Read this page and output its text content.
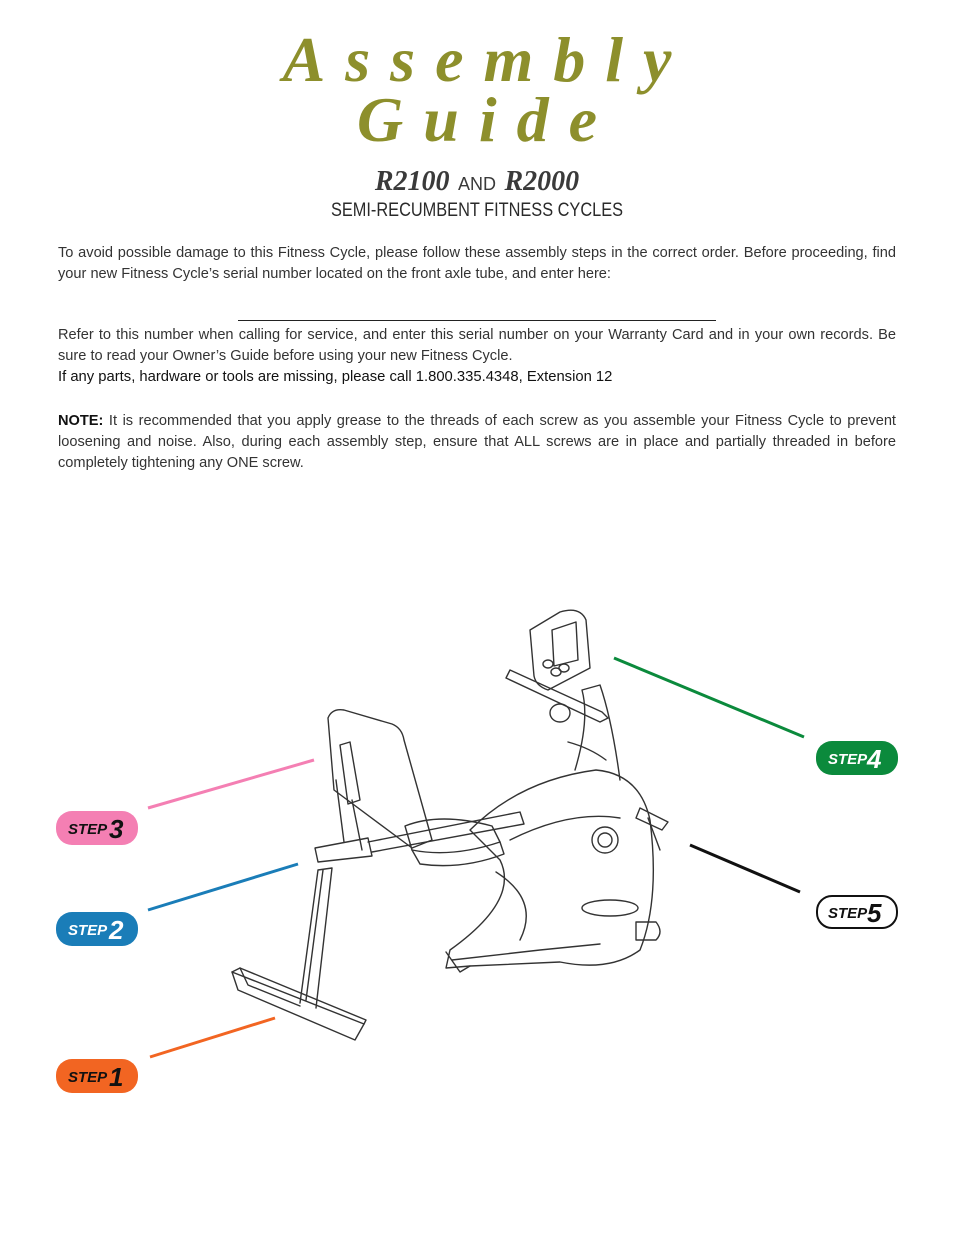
Assembly
Guide
R2100 AND R2000
SEMI-RECUMBENT FITNESS CYCLES

To avoid possible damage to this Fitness Cycle, please follow these assembly steps in the correct order. Before proceeding, find your new Fitness Cycle’s serial number located on the front axle tube, and enter here:

Refer to this number when calling for service, and enter this serial number on your Warranty Card and in your own records. Be sure to read your Owner’s Guide before using your new Fitness Cycle.

If any parts, hardware or tools are missing, please call 1.800.335.4348, Extension 12

NOTE: It is recommended that you apply grease to the threads of each screw as you assemble your Fitness Cycle to prevent loosening and noise. Also, during each assembly step, ensure that ALL screws are in place and partially threaded in before completely tightening any ONE screw.

STEP 3
STEP 2
STEP 1
STEP 4
STEP 5
